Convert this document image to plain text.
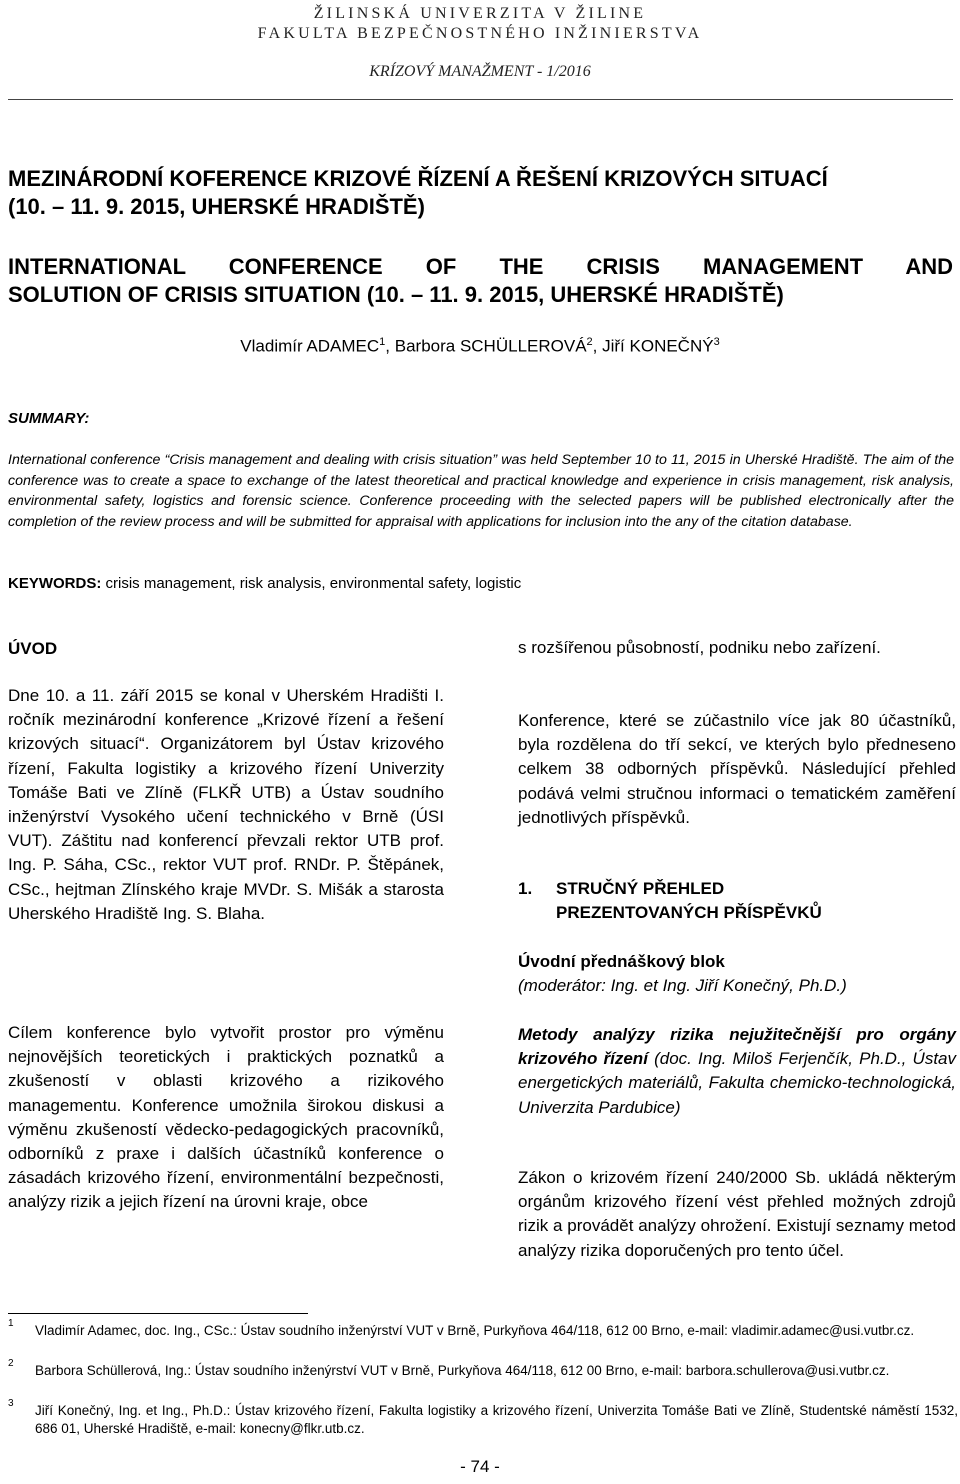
ŽILINSKÁ UNIVERZITA V ŽILINE
FAKULTA BEZPEČNOSTNÉHO INŽINIERSTVA
KRÍZOVÝ MANAŽMENT - 1/2016
MEZINÁRODNÍ KOFERENCE KRIZOVÉ ŘÍZENÍ A ŘEŠENÍ KRIZOVÝCH SITUACÍ
(10. – 11. 9. 2015, UHERSKÉ HRADIŠTĚ)
INTERNATIONAL CONFERENCE OF THE CRISIS MANAGEMENT AND
SOLUTION OF CRISIS SITUATION (10. – 11. 9. 2015, UHERSKÉ HRADIŠTĚ)
Vladimír ADAMEC$^1$, Barbora SCHÜLLEROVÁ$^2$, Jiří KONEČNÝ$^3$
SUMMARY:
International conference “Crisis management and dealing with crisis situation” was held September 10 to 11, 2015 in Uherské Hradiště. The aim of the conference was to create a space to exchange of the latest theoretical and practical knowledge and experience in crisis management, risk analysis, environmental safety, logistics and forensic science. Conference proceeding with the selected papers will be published electronically after the completion of the review process and will be submitted for appraisal with applications for inclusion into the any of the citation database.
KEYWORDS: crisis management, risk analysis, environmental safety, logistic
ÚVOD
Dne 10. a 11. září 2015 se konal v Uherském Hradišti I. ročník mezinárodní konference „Krizové řízení a řešení krizových situací“. Organizátorem byl Ústav krizového řízení, Fakulta logistiky a krizového řízení Univerzity Tomáše Bati ve Zlíně (FLKŘ UTB) a Ústav soudního inženýrství Vysokého učení technického v Brně (ÚSI VUT). Záštitu nad konferencí převzali rektor UTB prof. Ing. P. Sáha, CSc., rektor VUT prof. RNDr. P. Štěpánek, CSc., hejtman Zlínského kraje MVDr. S. Mišák a starosta Uherského Hradiště Ing. S. Blaha.
Cílem konference bylo vytvořit prostor pro výměnu nejnovějších teoretických i praktických poznatků a zkušeností v oblasti krizového a rizikového managementu. Konference umožnila širokou diskusi a výměnu zkušeností vědecko-pedagogických pracovníků, odborníků z praxe i dalších účastníků konference o zásadách krizového řízení, environmentální bezpečnosti, analýzy rizik a jejich řízení na úrovni kraje, obce
s rozšířenou působností, podniku nebo zařízení.
Konference, které se zúčastnilo více jak 80 účastníků, byla rozdělena do tří sekcí, ve kterých bylo předneseno celkem 38 odborných příspěvků. Následující přehled podává velmi stručnou informaci o tematickém zaměření jednotlivých příspěvků.
1. STRUČNÝ PŘEHLED
PREZENTOVANÝCH PŘÍSPĚVKŮ
Úvodní přednáškový blok
(moderátor: Ing. et Ing. Jiří Konečný, Ph.D.)
Metody analýzy rizika nejužitečnější pro orgány krizového řízení (doc. Ing. Miloš Ferjenčík, Ph.D., Ústav energetických materiálů, Fakulta chemicko-technologická, Univerzita Pardubice)
Zákon o krizovém řízení 240/2000 Sb. ukládá některým orgánům krizového řízení vést přehled možných zdrojů rizik a provádět analýzy ohrožení. Existují seznamy metod analýzy rizika doporučených pro tento účel.
1 Vladimír Adamec, doc. Ing., CSc.: Ústav soudního inženýrství VUT v Brně, Purkyňova 464/118, 612 00 Brno, e-mail: vladimir.adamec@usi.vutbr.cz.
2 Barbora Schüllerová, Ing.: Ústav soudního inženýrství VUT v Brně, Purkyňova 464/118, 612 00 Brno, e-mail: barbora.schullerova@usi.vutbr.cz.
3 Jiří Konečný, Ing. et Ing., Ph.D.: Ústav krizového řízení, Fakulta logistiky a krizového řízení, Univerzita Tomáše Bati ve Zlíně, Studentské náměstí 1532, 686 01, Uherské Hradiště, e-mail: konecny@flkr.utb.cz.
- 74 -
